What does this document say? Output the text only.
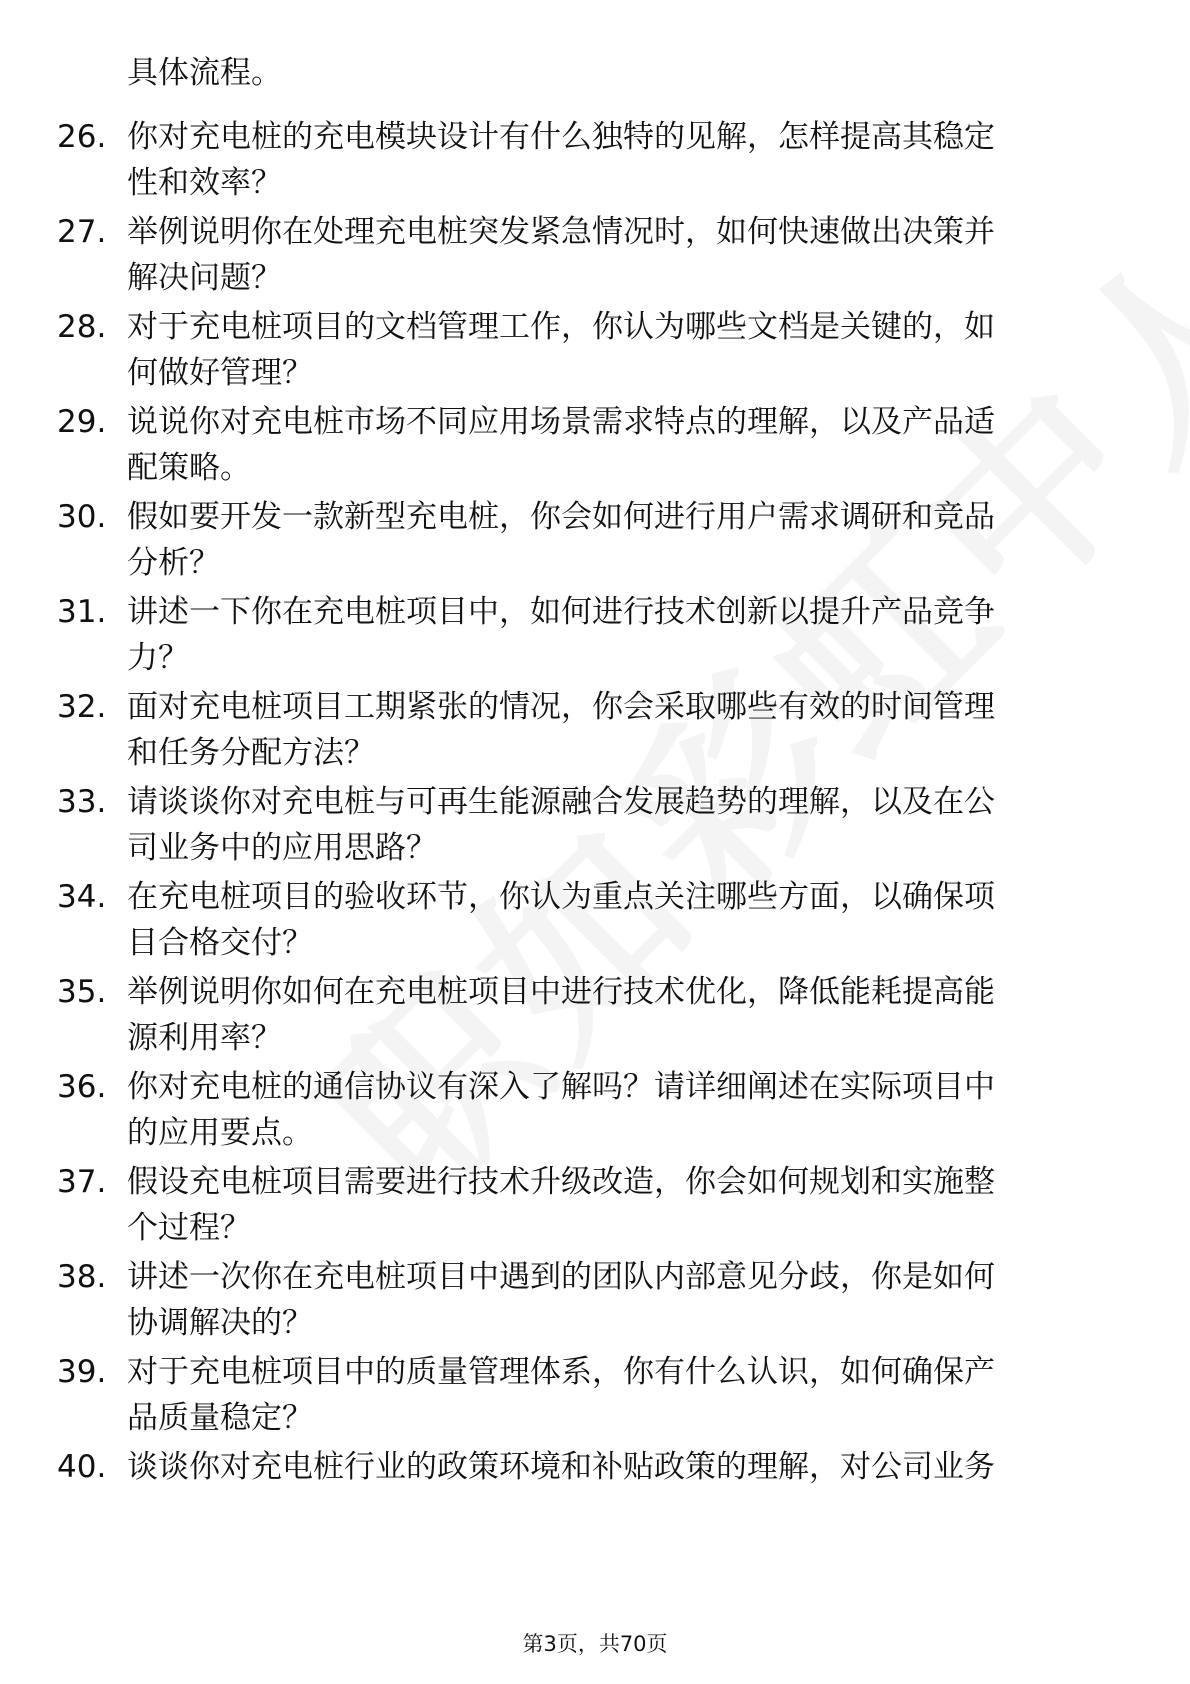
具体流程。
26. 你对充电桩的充电模块设计有什么独特的见解，怎样提高其稳定
性和效率？
27. 举例说明你在处理充电桩突发紧急情况时，如何快速做出决策并
解决问题？
28. 对于充电桩项目的文档管理工作，你认为哪些文档是关键的，如
何做好管理？
29. 说说你对充电桩市场不同应用场景需求特点的理解，以及产品适
配策略。
30. 假如要开发一款新型充电桩，你会如何进行用户需求调研和竞品
分析？
31. 讲述一下你在充电桩项目中，如何进行技术创新以提升产品竞争
力？
32. 面对充电桩项目工期紧张的情况，你会采取哪些有效的时间管理
和任务分配方法？
33. 请谈谈你对充电桩与可再生能源融合发展趋势的理解，以及在公
司业务中的应用思路？
34. 在充电桩项目的验收环节，你认为重点关注哪些方面，以确保项
目合格交付？
35. 举例说明你如何在充电桩项目中进行技术优化，降低能耗提高能
源利用率？
36. 你对充电桩的通信协议有深入了解吗？请详细阐述在实际项目中
的应用要点。
37. 假设充电桩项目需要进行技术升级改造，你会如何规划和实施整
个过程？
38. 讲述一次你在充电桩项目中遇到的团队内部意见分歧，你是如何
协调解决的？
39. 对于充电桩项目中的质量管理体系，你有什么认识，如何确保产
品质量稳定？
40. 谈谈你对充电桩行业的政策环境和补贴政策的理解，对公司业务
第3页，共70页
